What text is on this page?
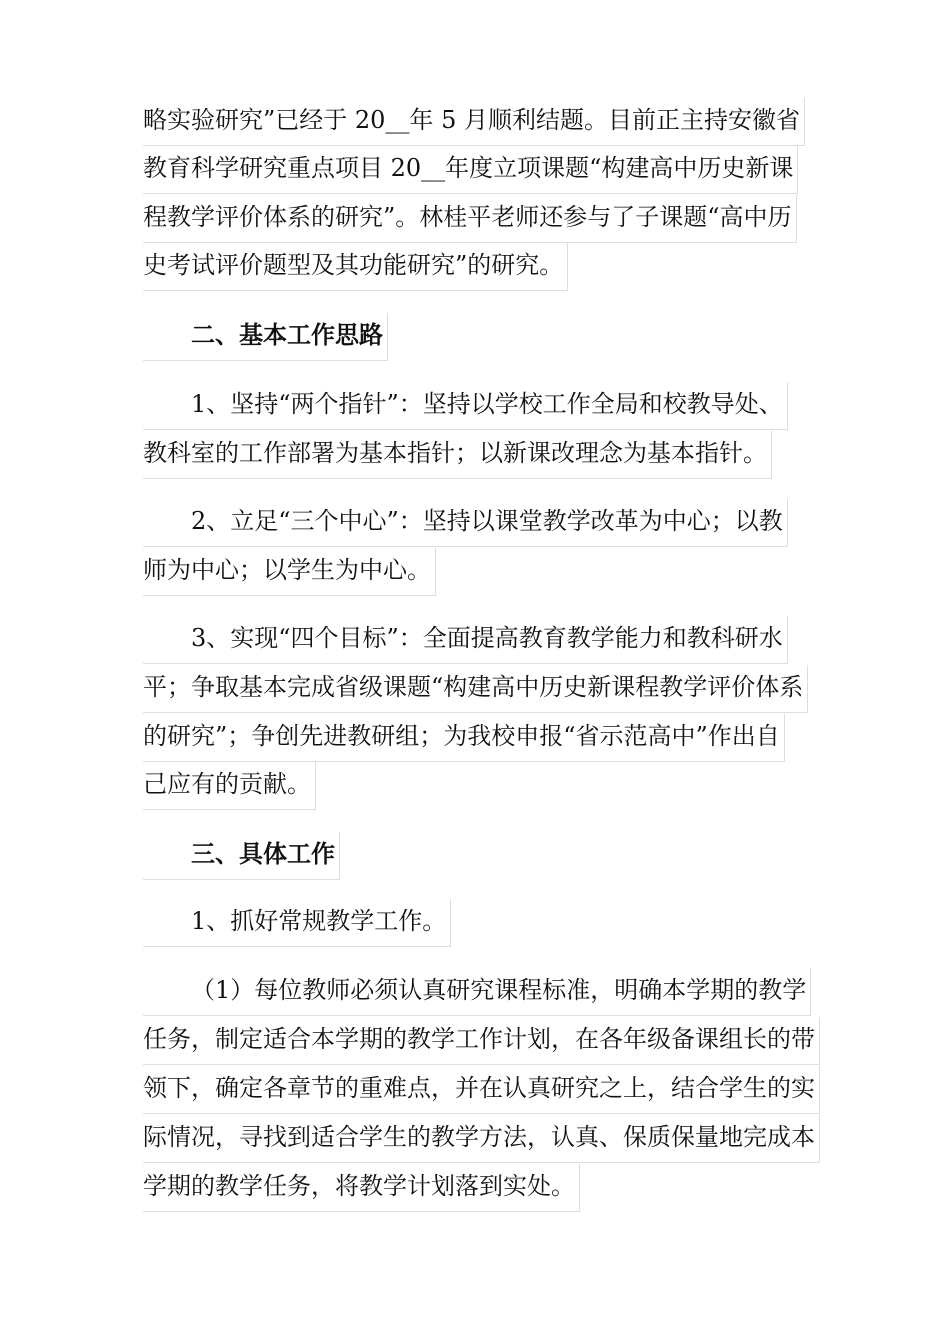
略实验研究”已经于 20__年 5 月顺利结题。目前正主持安徽省
教育科学研究重点项目 20__年度立项课题“构建高中历史新课
程教学评价体系的研究”。林桂平老师还参与了子课题“高中历
史考试评价题型及其功能研究”的研究。
二、基本工作思路
1、坚持“两个指针”：坚持以学校工作全局和校教导处、
教科室的工作部署为基本指针；以新课改理念为基本指针。
2、立足“三个中心”：坚持以课堂教学改革为中心；以教
师为中心；以学生为中心。
3、实现“四个目标”：全面提高教育教学能力和教科研水
平；争取基本完成省级课题“构建高中历史新课程教学评价体系
的研究”；争创先进教研组；为我校申报“省示范高中”作出自
己应有的贡献。
三、具体工作
1、抓好常规教学工作。
（1）每位教师必须认真研究课程标准，明确本学期的教学
任务，制定适合本学期的教学工作计划，在各年级备课组长的带
领下，确定各章节的重难点，并在认真研究之上，结合学生的实
际情况，寻找到适合学生的教学方法，认真、保质保量地完成本
学期的教学任务，将教学计划落到实处。
